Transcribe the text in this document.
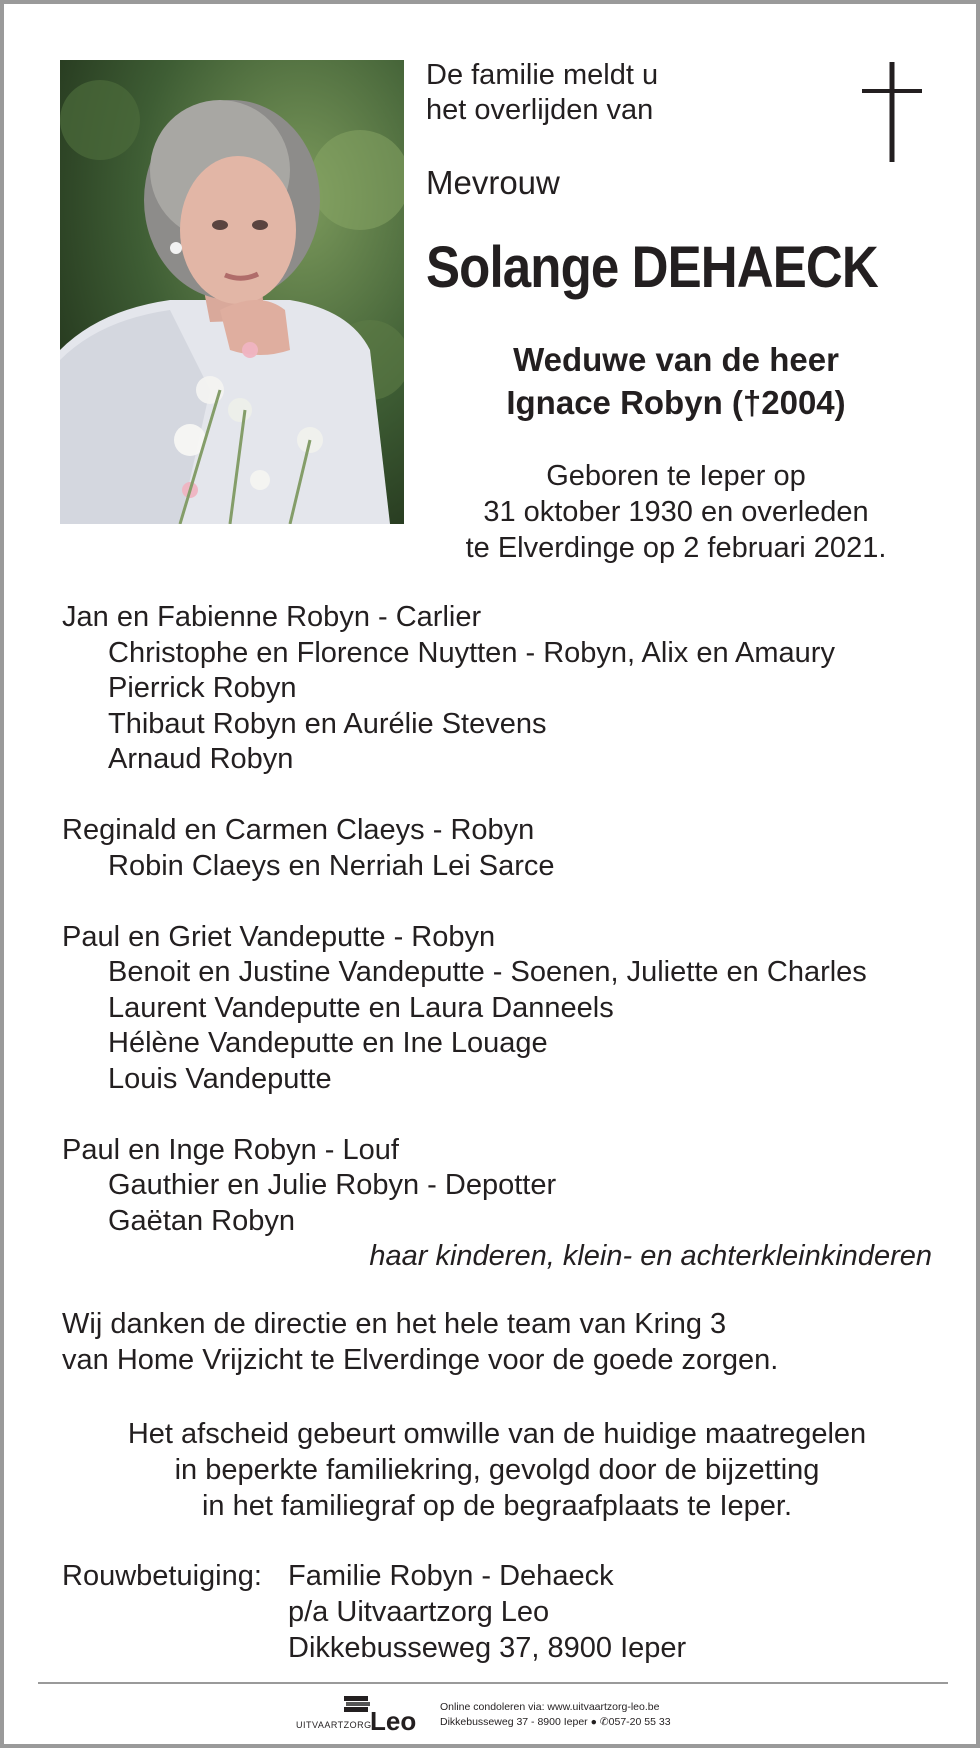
De familie meldt u
het overlijden van
Mevrouw
Solange DEHAECK
Weduwe van de heer
Ignace Robyn (†2004)
Geboren te Ieper op
31 oktober 1930 en overleden
te Elverdinge op 2 februari 2021.
Jan en Fabienne Robyn - Carlier
Christophe en Florence Nuytten - Robyn, Alix en Amaury
Pierrick Robyn
Thibaut Robyn en Aurélie Stevens
Arnaud Robyn
Reginald en Carmen Claeys - Robyn
Robin Claeys en Nerriah Lei Sarce
Paul en Griet Vandeputte - Robyn
Benoit en Justine Vandeputte - Soenen, Juliette en Charles
Laurent Vandeputte en Laura Danneels
Hélène Vandeputte en Ine Louage
Louis Vandeputte
Paul en Inge Robyn - Louf
Gauthier en Julie Robyn - Depotter
Gaëtan Robyn
haar kinderen, klein- en achterkleinkinderen
Wij danken de directie en het hele team van Kring 3
van Home Vrijzicht te Elverdinge voor de goede zorgen.
Het afscheid gebeurt omwille van de huidige maatregelen
in beperkte familiekring, gevolgd door de bijzetting
in het familiegraf op de begraafplaats te Ieper.
Rouwbetuiging: Familie Robyn - Dehaeck
p/a Uitvaartzorg Leo
Dikkebusseweg 37, 8900 Ieper
UITVAARTZORG
Leo Online condoleren via: www.uitvaartzorg-leo.be
Dikkebusseweg 37 - 8900 Ieper ● ✆057-20 55 33
